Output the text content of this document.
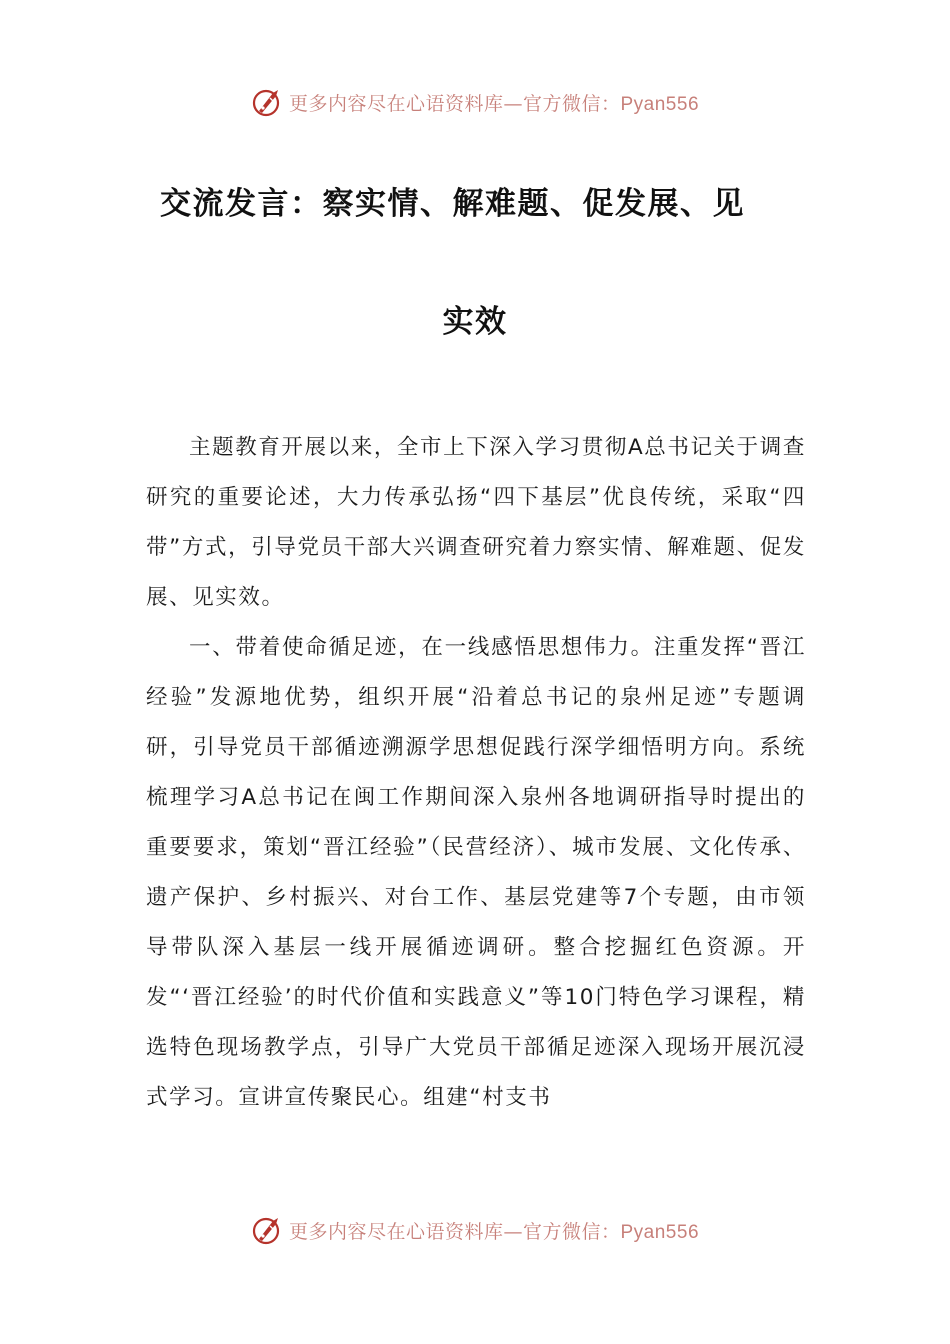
更多内容尽在心语资料库—官方微信：Pyan556
交流发言：察实情、解难题、促发展、见
实效

主题教育开展以来，全市上下深入学习贯彻A总书记关于调查研究的重要论述，大力传承弘扬“四下基层”优良传统，采取“四带”方式，引导党员干部大兴调查研究着力察实情、解难题、促发展、见实效。

一、带着使命循足迹，在一线感悟思想伟力。注重发挥“晋江经验”发源地优势，组织开展“沿着总书记的泉州足迹”专题调研，引导党员干部循迹溯源学思想促践行深学细悟明方向。系统梳理学习A总书记在闽工作期间深入泉州各地调研指导时提出的重要要求，策划“晋江经验”（民营经济）、城市发展、文化传承、遗产保护、乡村振兴、对台工作、基层党建等7个专题，由市领导带队深入基层一线开展循迹调研。整合挖掘红色资源。开发“‘晋江经验’的时代价值和实践意义”等10门特色学习课程，精选特色现场教学点，引导广大党员干部循足迹深入现场开展沉浸式学习。宣讲宣传聚民心。组建“村支书

更多内容尽在心语资料库—官方微信：Pyan556
